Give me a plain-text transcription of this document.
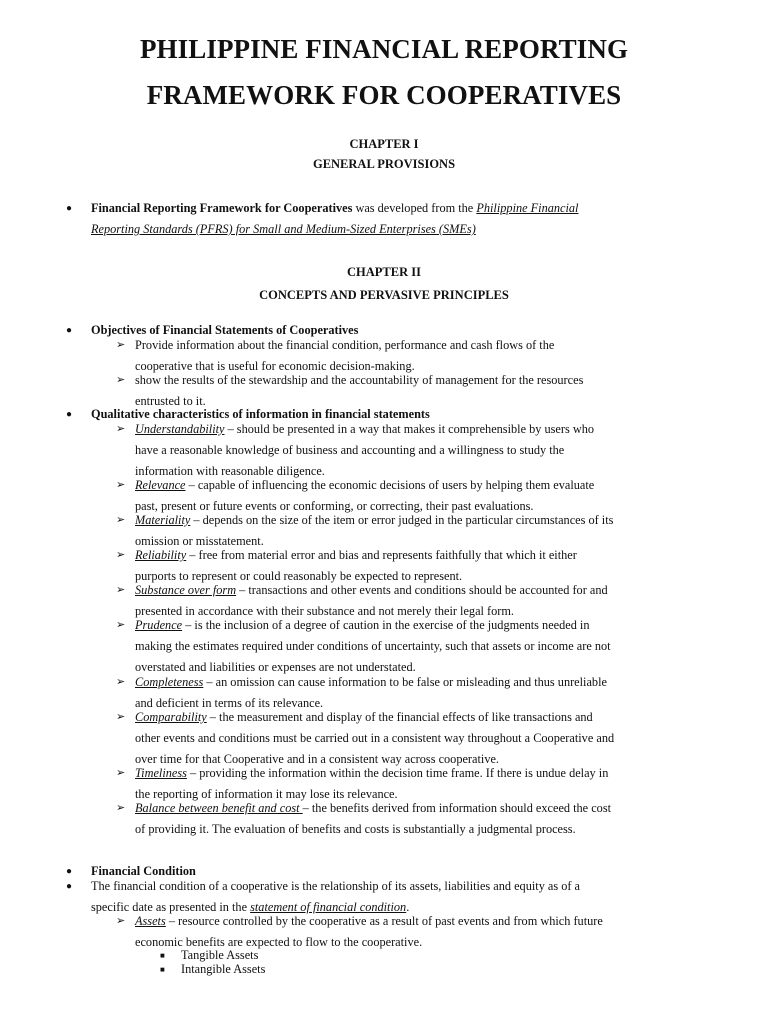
PHILIPPINE FINANCIAL REPORTING
FRAMEWORK FOR COOPERATIVES
CHAPTER I
GENERAL PROVISIONS
● Financial Reporting Framework for Cooperatives was developed from the Philippine Financial
Reporting Standards (PFRS) for Small and Medium-Sized Enterprises (SMEs)
CHAPTER II
CONCEPTS AND PERVASIVE PRINCIPLES
● Objectives of Financial Statements of Cooperatives
➢ Provide information about the financial condition, performance and cash flows of the
cooperative that is useful for economic decision-making.
➢ show the results of the stewardship and the accountability of management for the resources
entrusted to it.
● Qualitative characteristics of information in financial statements
➢ Understandability – should be presented in a way that makes it comprehensible by users who
have a reasonable knowledge of business and accounting and a willingness to study the
information with reasonable diligence.
➢ Relevance – capable of influencing the economic decisions of users by helping them evaluate
past, present or future events or conforming, or correcting, their past evaluations.
➢ Materiality – depends on the size of the item or error judged in the particular circumstances of its
omission or misstatement.
➢ Reliability – free from material error and bias and represents faithfully that which it either
purports to represent or could reasonably be expected to represent.
➢ Substance over form – transactions and other events and conditions should be accounted for and
presented in accordance with their substance and not merely their legal form.
➢ Prudence – is the inclusion of a degree of caution in the exercise of the judgments needed in
making the estimates required under conditions of uncertainty, such that assets or income are not
overstated and liabilities or expenses are not understated.
➢ Completeness – an omission can cause information to be false or misleading and thus unreliable
and deficient in terms of its relevance.
➢ Comparability – the measurement and display of the financial effects of like transactions and
other events and conditions must be carried out in a consistent way throughout a Cooperative and
over time for that Cooperative and in a consistent way across cooperative.
➢ Timeliness – providing the information within the decision time frame. If there is undue delay in
the reporting of information it may lose its relevance.
➢ Balance between benefit and cost – the benefits derived from information should exceed the cost
of providing it. The evaluation of benefits and costs is substantially a judgmental process.
● Financial Condition
● The financial condition of a cooperative is the relationship of its assets, liabilities and equity as of a
specific date as presented in the statement of financial condition.
➢ Assets – resource controlled by the cooperative as a result of past events and from which future
economic benefits are expected to flow to the cooperative.
■ Tangible Assets
■ Intangible Assets
